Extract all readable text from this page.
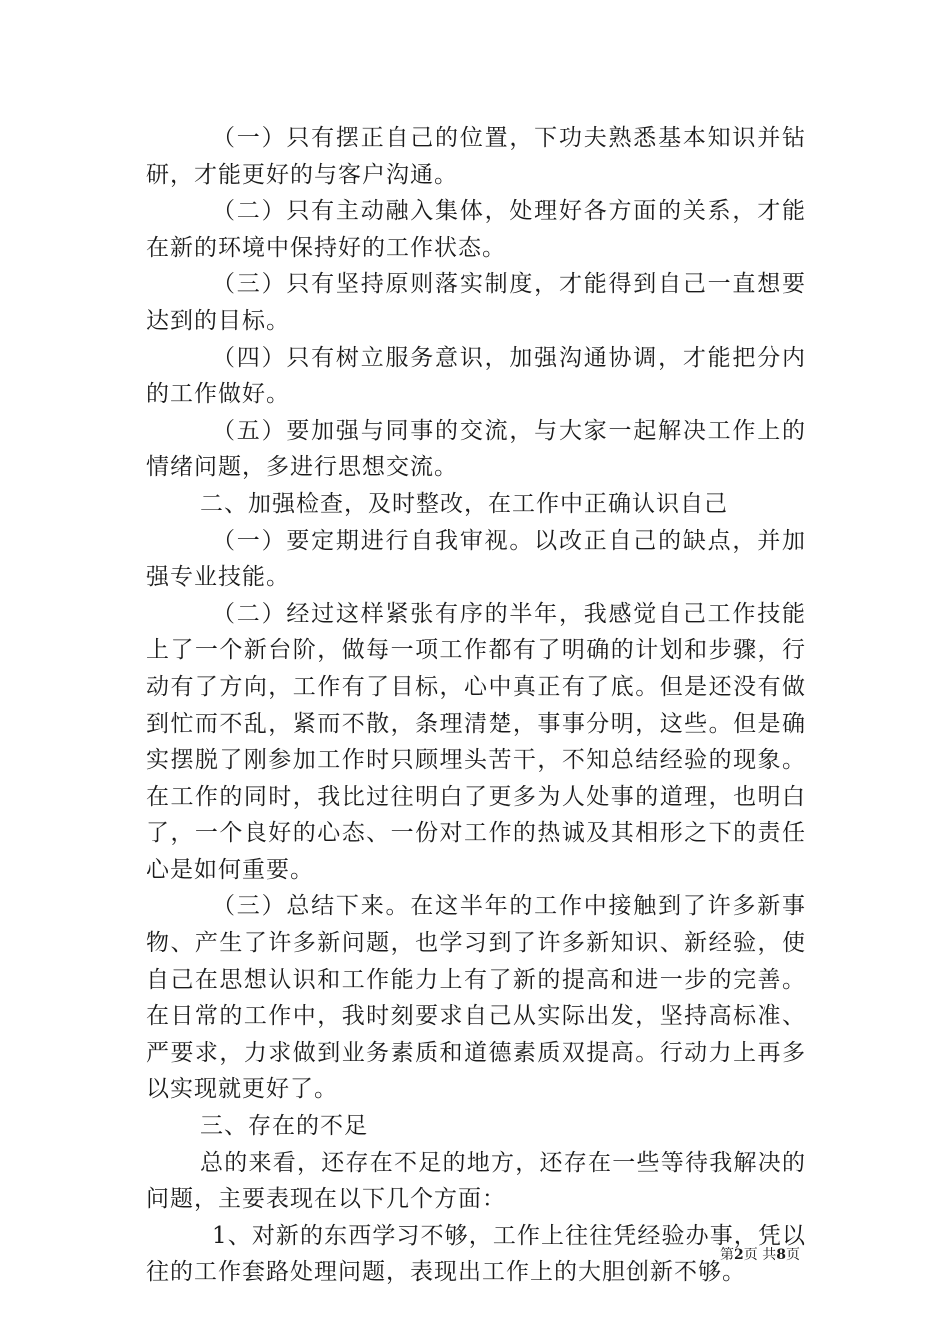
（一）只有摆正自己的位置，下功夫熟悉基本知识并钻研，才能更好的与客户沟通。

（二）只有主动融入集体，处理好各方面的关系，才能在新的环境中保持好的工作状态。

（三）只有坚持原则落实制度，才能得到自己一直想要达到的目标。

（四）只有树立服务意识，加强沟通协调，才能把分内的工作做好。

（五）要加强与同事的交流，与大家一起解决工作上的情绪问题，多进行思想交流。

二、加强检查，及时整改，在工作中正确认识自己

（一）要定期进行自我审视。以改正自己的缺点，并加强专业技能。

（二）经过这样紧张有序的半年，我感觉自己工作技能上了一个新台阶，做每一项工作都有了明确的计划和步骤，行动有了方向，工作有了目标，心中真正有了底。但是还没有做到忙而不乱，紧而不散，条理清楚，事事分明，这些。但是确实摆脱了刚参加工作时只顾埋头苦干，不知总结经验的现象。在工作的同时，我比过往明白了更多为人处事的道理，也明白了，一个良好的心态、一份对工作的热诚及其相形之下的责任心是如何重要。

（三）总结下来。在这半年的工作中接触到了许多新事物、产生了许多新问题，也学习到了许多新知识、新经验，使自己在思想认识和工作能力上有了新的提高和进一步的完善。在日常的工作中，我时刻要求自己从实际出发，坚持高标准、严要求，力求做到业务素质和道德素质双提高。行动力上再多以实现就更好了。

三、存在的不足

总的来看，还存在不足的地方，还存在一些等待我解决的问题，主要表现在以下几个方面：

1、对新的东西学习不够，工作上往往凭经验办事，凭以往的工作套路处理问题，表现出工作上的大胆创新不够。

第2页 共8页
